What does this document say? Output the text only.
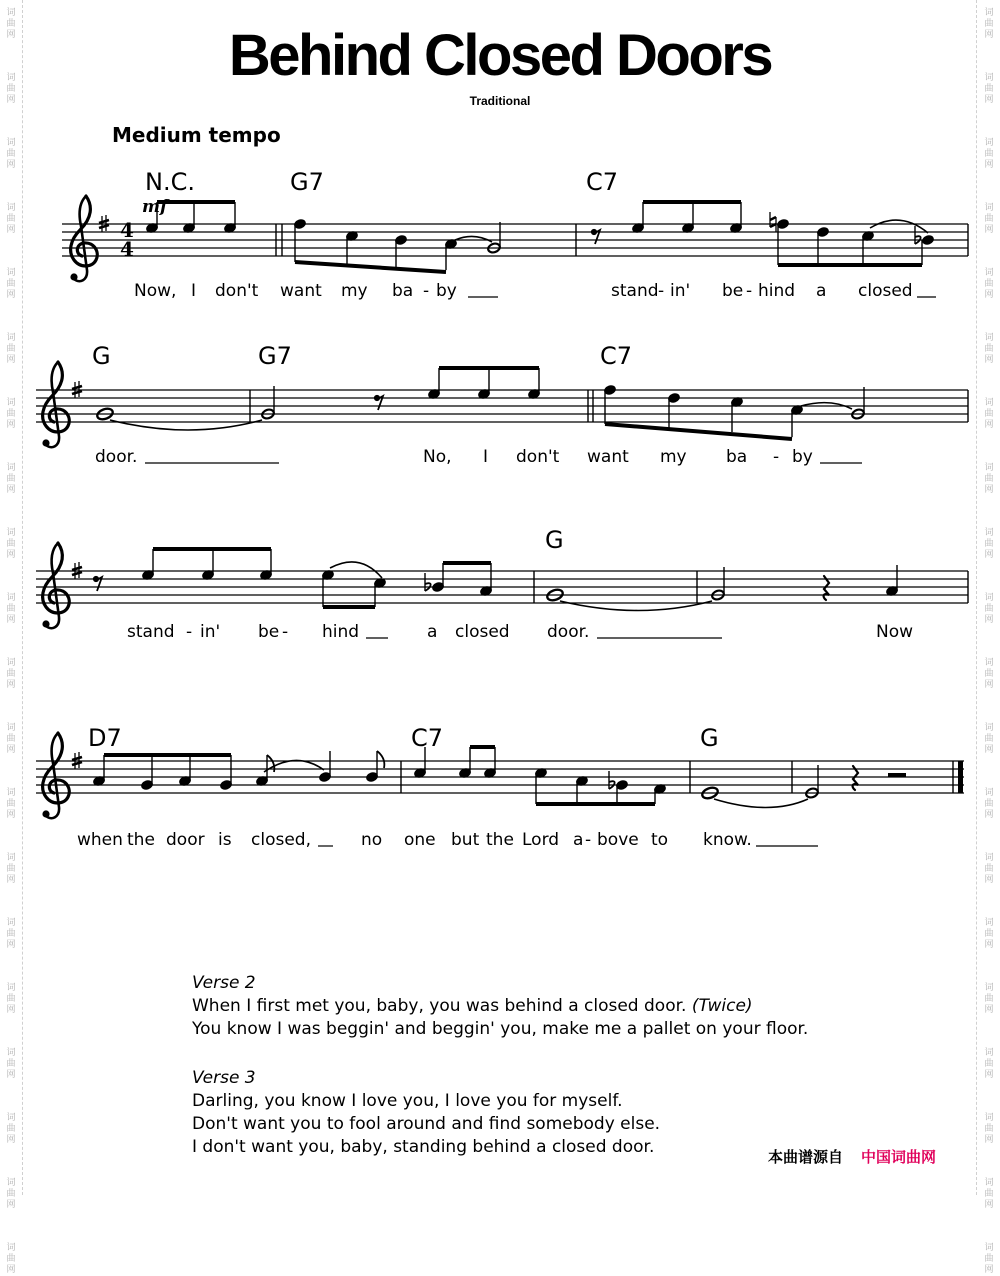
词
曲
网
词
曲
网
词
曲
网
词
曲
网
词
曲
网
词
曲
网
词
曲
网
词
曲
网
词
曲
网
词
曲
网
词
曲
网
词
曲
网
词
曲
网
词
曲
网
词
曲
网
词
曲
网
词
曲
网
词
曲
网
词
曲
网
词
曲
网
词
曲
网
词
曲
网
词
曲
网
词
曲
网
词
曲
网
词
曲
网
词
曲
网
词
曲
网
词
曲
网
词
曲
网
词
曲
网
词
曲
网
词
曲
网
词
曲
网
词
曲
网
词
曲
网
词
曲
网
词
曲
网
词
曲
网
词
曲
网
Behind Closed Doors
Traditional
Medium tempo
4
4
mf
N.C.	G7	C7
Now, I don't want my ba - by	stand - in' be - hind a closed
G	G7	C7
door.	No, I don't want my ba - by
G
stand - in' be - hind	a closed door.	Now
D7	C7	G
when the door is closed,	no one but the Lord a - bove to know.
Verse 2
When I first met you, baby, you was behind a closed door. (Twice)
You know I was beggin' and beggin' you, make me a pallet on your floor.
Verse 3
Darling, you know I love you, I love you for myself.
Don't want you to fool around and find somebody else.
I don't want you, baby, standing behind a closed door.	本曲谱源自 中国词曲网
